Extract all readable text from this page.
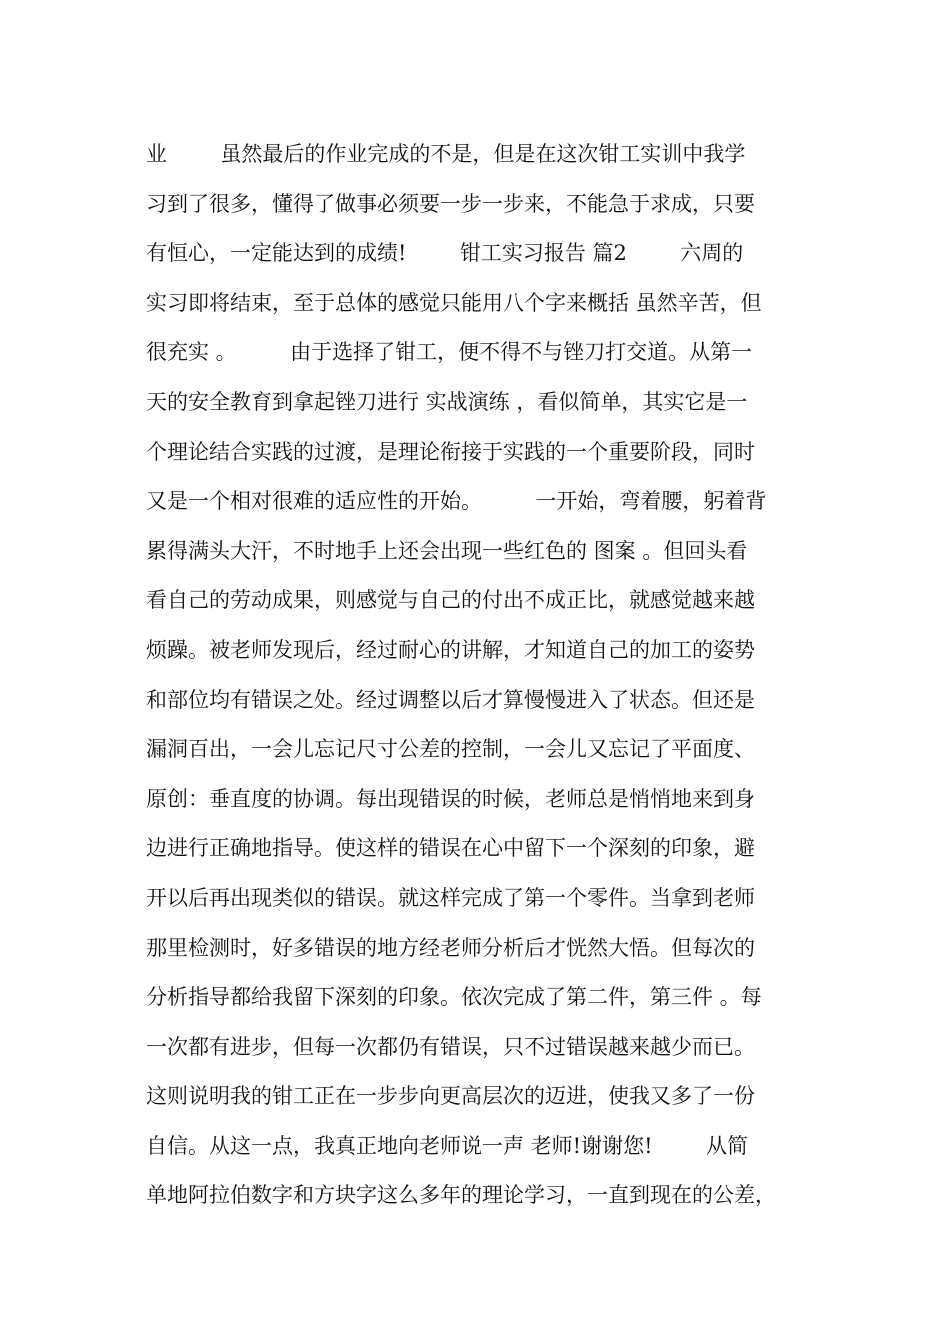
业        虽然最后的作业完成的不是，但是在这次钳工实训中我学
习到了很多，懂得了做事必须要一步一步来，不能急于求成，只要
有恒心，一定能达到的成绩!        钳工实习报告 篇2        六周的
实习即将结束，至于总体的感觉只能用八个字来概括 虽然辛苦，但
很充实 。        由于选择了钳工，便不得不与锉刀打交道。从第一
天的安全教育到拿起锉刀进行 实战演练 ，看似简单，其实它是一
个理论结合实践的过渡，是理论衔接于实践的一个重要阶段，同时
又是一个相对很难的适应性的开始。        一开始，弯着腰，躬着背
累得满头大汗，不时地手上还会出现一些红色的 图案 。但回头看
看自己的劳动成果，则感觉与自己的付出不成正比，就感觉越来越
烦躁。被老师发现后，经过耐心的讲解，才知道自己的加工的姿势
和部位均有错误之处。经过调整以后才算慢慢进入了状态。但还是
漏洞百出，一会儿忘记尺寸公差的控制，一会儿又忘记了平面度、
原创：垂直度的协调。每出现错误的时候，老师总是悄悄地来到身
边进行正确地指导。使这样的错误在心中留下一个深刻的印象，避
开以后再出现类似的错误。就这样完成了第一个零件。当拿到老师
那里检测时，好多错误的地方经老师分析后才恍然大悟。但每次的
分析指导都给我留下深刻的印象。依次完成了第二件，第三件 。每
一次都有进步，但每一次都仍有错误，只不过错误越来越少而已。
这则说明我的钳工正在一步步向更高层次的迈进，使我又多了一份
自信。从这一点，我真正地向老师说一声 老师!谢谢您!        从简
单地阿拉伯数字和方块字这么多年的理论学习，一直到现在的公差，
